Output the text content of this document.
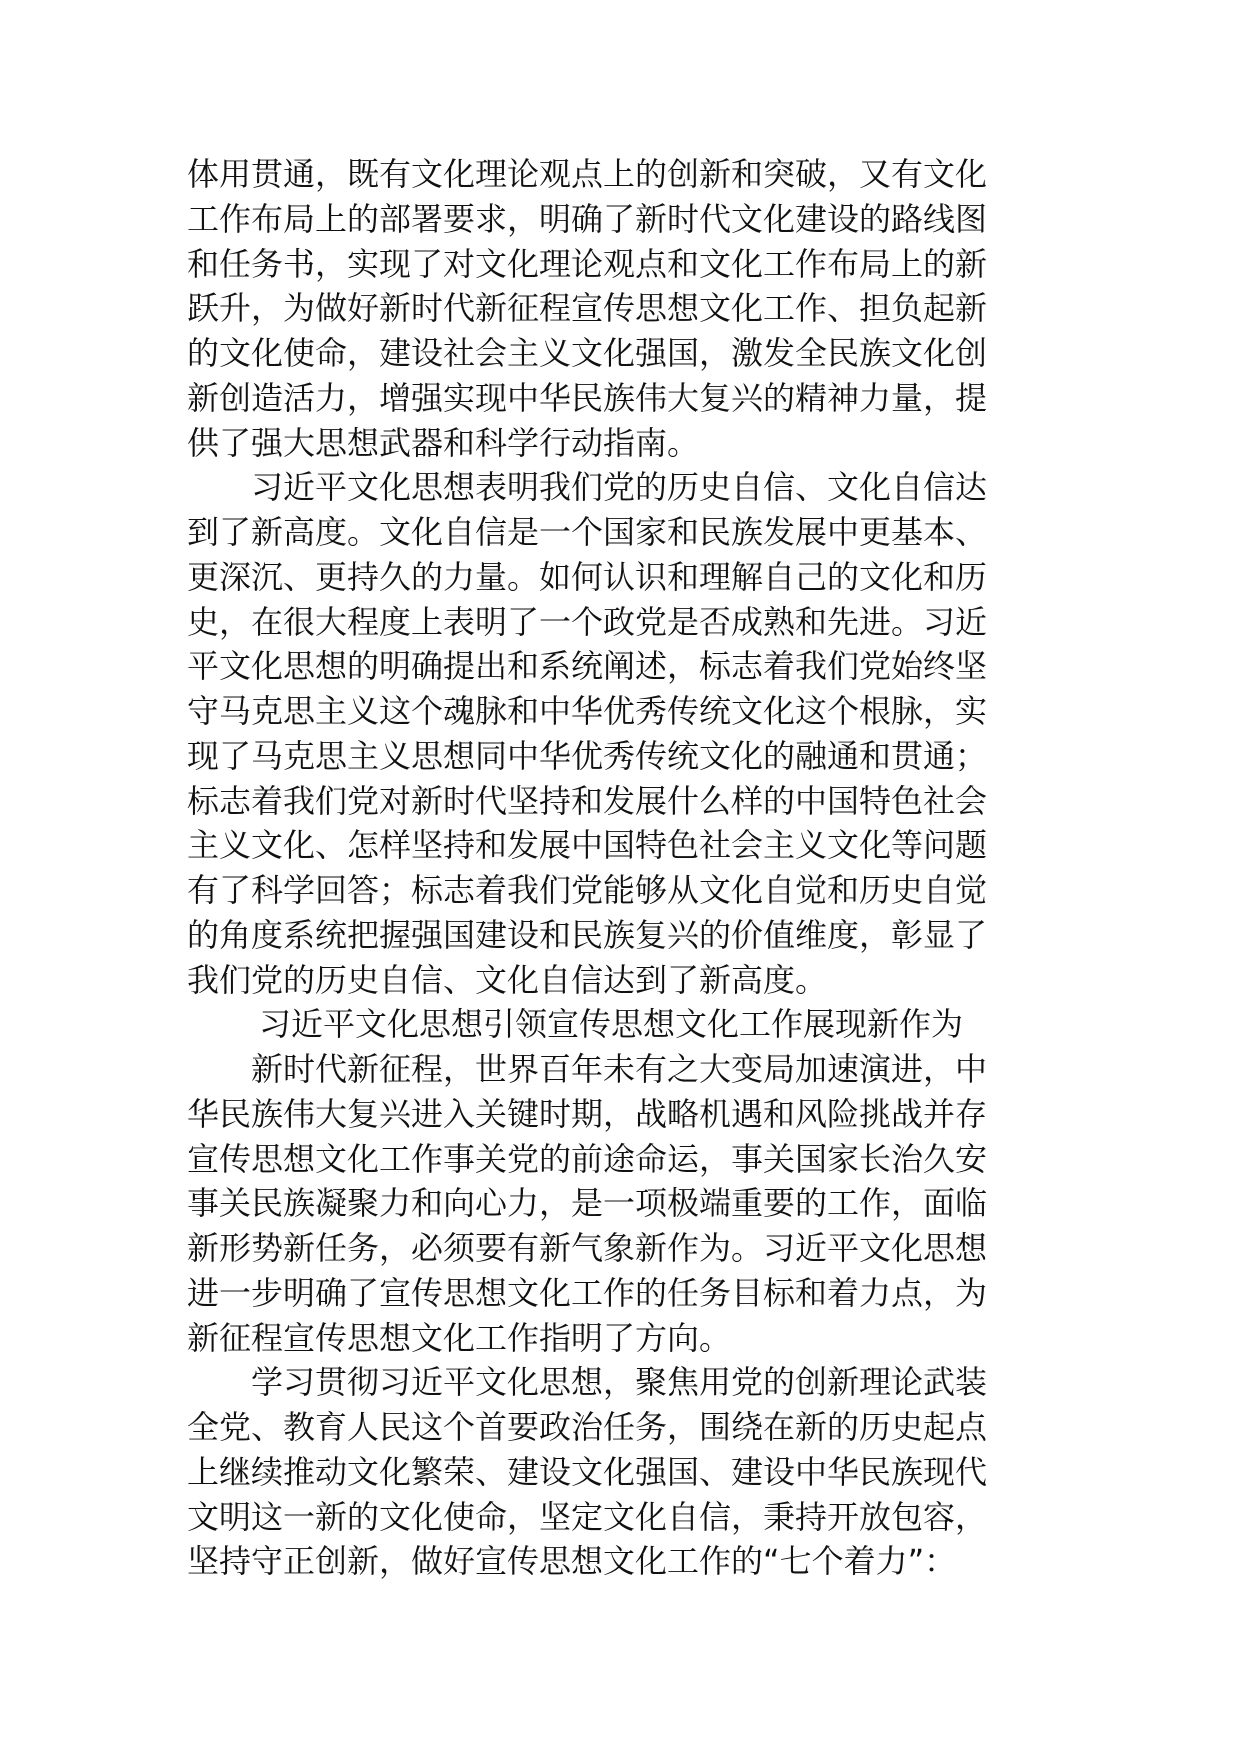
体用贯通，既有文化理论观点上的创新和突破，又有文化
工作布局上的部署要求，明确了新时代文化建设的路线图
和任务书，实现了对文化理论观点和文化工作布局上的新
跃升，为做好新时代新征程宣传思想文化工作、担负起新
的文化使命，建设社会主义文化强国，激发全民族文化创
新创造活力，增强实现中华民族伟大复兴的精神力量，提
供了强大思想武器和科学行动指南。
习近平文化思想表明我们党的历史自信、文化自信达
到了新高度。文化自信是一个国家和民族发展中更基本、
更深沉、更持久的力量。如何认识和理解自己的文化和历
史，在很大程度上表明了一个政党是否成熟和先进。习近
平文化思想的明确提出和系统阐述，标志着我们党始终坚
守马克思主义这个魂脉和中华优秀传统文化这个根脉，实
现了马克思主义思想同中华优秀传统文化的融通和贯通；
标志着我们党对新时代坚持和发展什么样的中国特色社会
主义文化、怎样坚持和发展中国特色社会主义文化等问题
有了科学回答；标志着我们党能够从文化自觉和历史自觉
的角度系统把握强国建设和民族复兴的价值维度，彰显了
我们党的历史自信、文化自信达到了新高度。
习近平文化思想引领宣传思想文化工作展现新作为
新时代新征程，世界百年未有之大变局加速演进，中
华民族伟大复兴进入关键时期，战略机遇和风险挑战并存
宣传思想文化工作事关党的前途命运，事关国家长治久安
事关民族凝聚力和向心力，是一项极端重要的工作，面临
新形势新任务，必须要有新气象新作为。习近平文化思想
进一步明确了宣传思想文化工作的任务目标和着力点，为
新征程宣传思想文化工作指明了方向。
学习贯彻习近平文化思想，聚焦用党的创新理论武装
全党、教育人民这个首要政治任务，围绕在新的历史起点
上继续推动文化繁荣、建设文化强国、建设中华民族现代
文明这一新的文化使命，坚定文化自信，秉持开放包容，
坚持守正创新，做好宣传思想文化工作的“七个着力”：
